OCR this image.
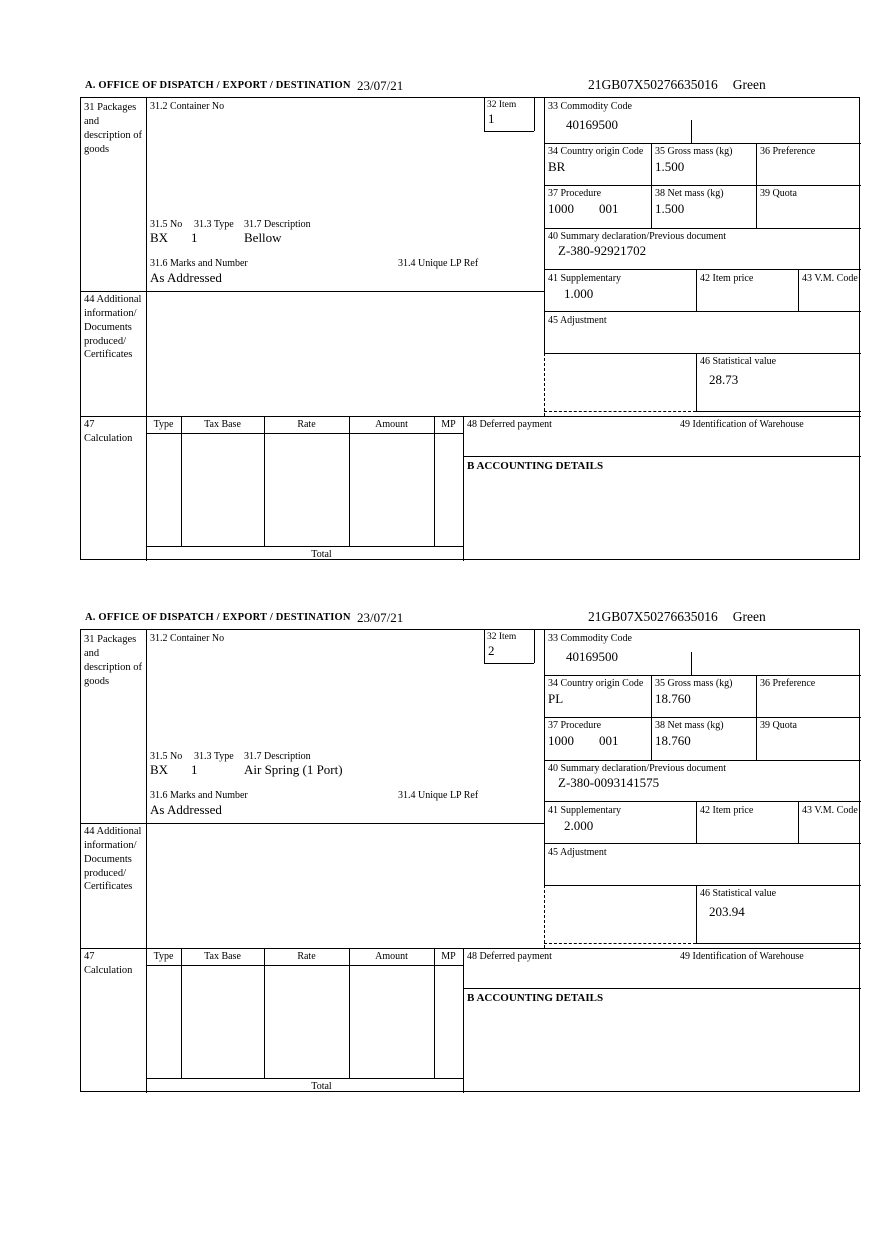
A. OFFICE OF DISPATCH / EXPORT / DESTINATION 23/07/21	21GB07X50276635016 Green
31 Packages and description of goods
44 Additional information/ Documents produced/ Certificates
47 Calculation
31.2 Container No	32 Item
1
31.5 No 31.3 Type 31.7 Description
BX 1	Bellow
31.6 Marks and Number	31.4 Unique LP Ref
As Addressed
33 Commodity Code
40169500
34 Country origin Code
BR
35 Gross mass (kg)
1.500
36 Preference
37 Procedure
1000 001
38 Net mass (kg)
1.500
39 Quota
40 Summary declaration/Previous document
Z-380-92921702
41 Supplementary
1.000
42 Item price	43 V.M. Code
45 Adjustment
46 Statistical value
28.73
Type	Tax Base	Rate	Amount	MP
Total
48 Deferred payment	49 Identification of Warehouse
B ACCOUNTING DETAILS
A. OFFICE OF DISPATCH / EXPORT / DESTINATION 23/07/21	21GB07X50276635016 Green
31 Packages and description of goods
44 Additional information/ Documents produced/ Certificates
47 Calculation
31.2 Container No	32 Item
2
31.5 No 31.3 Type 31.7 Description
BX 1	Air Spring (1 Port)
31.6 Marks and Number	31.4 Unique LP Ref
As Addressed
33 Commodity Code
40169500
34 Country origin Code
PL
35 Gross mass (kg)
18.760
36 Preference
37 Procedure
1000 001
38 Net mass (kg)
18.760
39 Quota
40 Summary declaration/Previous document
Z-380-0093141575
41 Supplementary
2.000
42 Item price	43 V.M. Code
45 Adjustment
46 Statistical value
203.94
Type	Tax Base	Rate	Amount	MP
Total
48 Deferred payment	49 Identification of Warehouse
B ACCOUNTING DETAILS
